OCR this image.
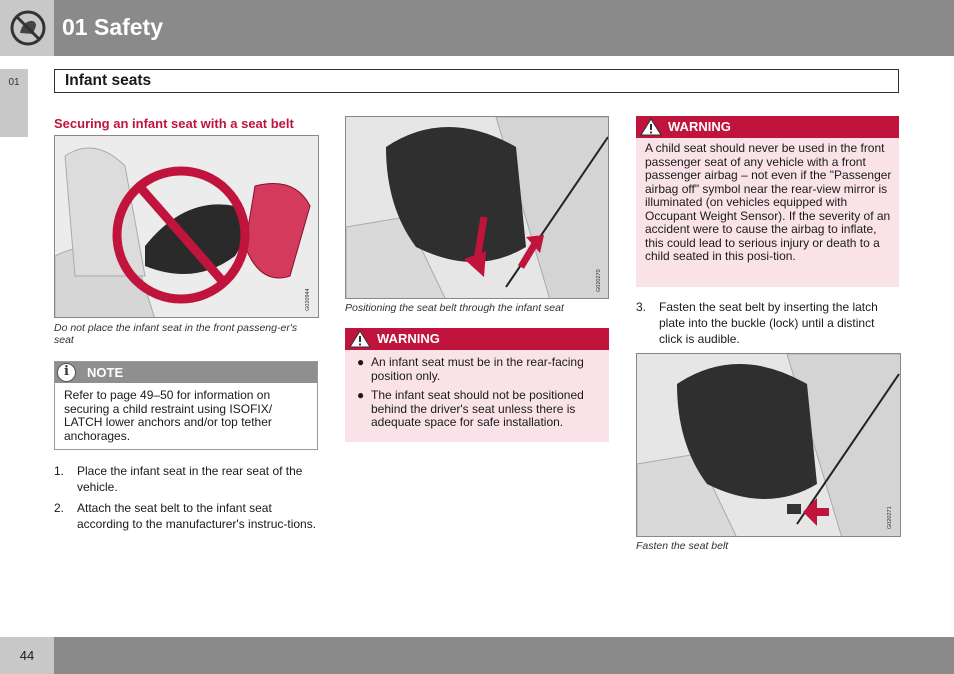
01 Safety
01	Infant seats
Securing an infant seat with a seat belt
G020944
Do not place the infant seat in the front passeng-er's seat
i	NOTE
Refer to page 49–50 for information on securing a child restraint using ISOFIX/ LATCH lower anchors and/or top tether anchorages.
1. Place the infant seat in the rear seat of the vehicle.
2. Attach the seat belt to the infant seat according to the manufacturer's instruc-tions.
G020270
Positioning the seat belt through the infant seat
WARNING
● An infant seat must be in the rear-facing position only.
● The infant seat should not be positioned behind the driver's seat unless there is adequate space for safe installation.
WARNING
A child seat should never be used in the front passenger seat of any vehicle with a front passenger airbag – not even if the "Passenger airbag off" symbol near the rear-view mirror is illuminated (on vehicles equipped with Occupant Weight Sensor). If the severity of an accident were to cause the airbag to inflate, this could lead to serious injury or death to a child seated in this posi-tion.
3. Fasten the seat belt by inserting the latch plate into the buckle (lock) until a distinct click is audible.
G020271
Fasten the seat belt
44
